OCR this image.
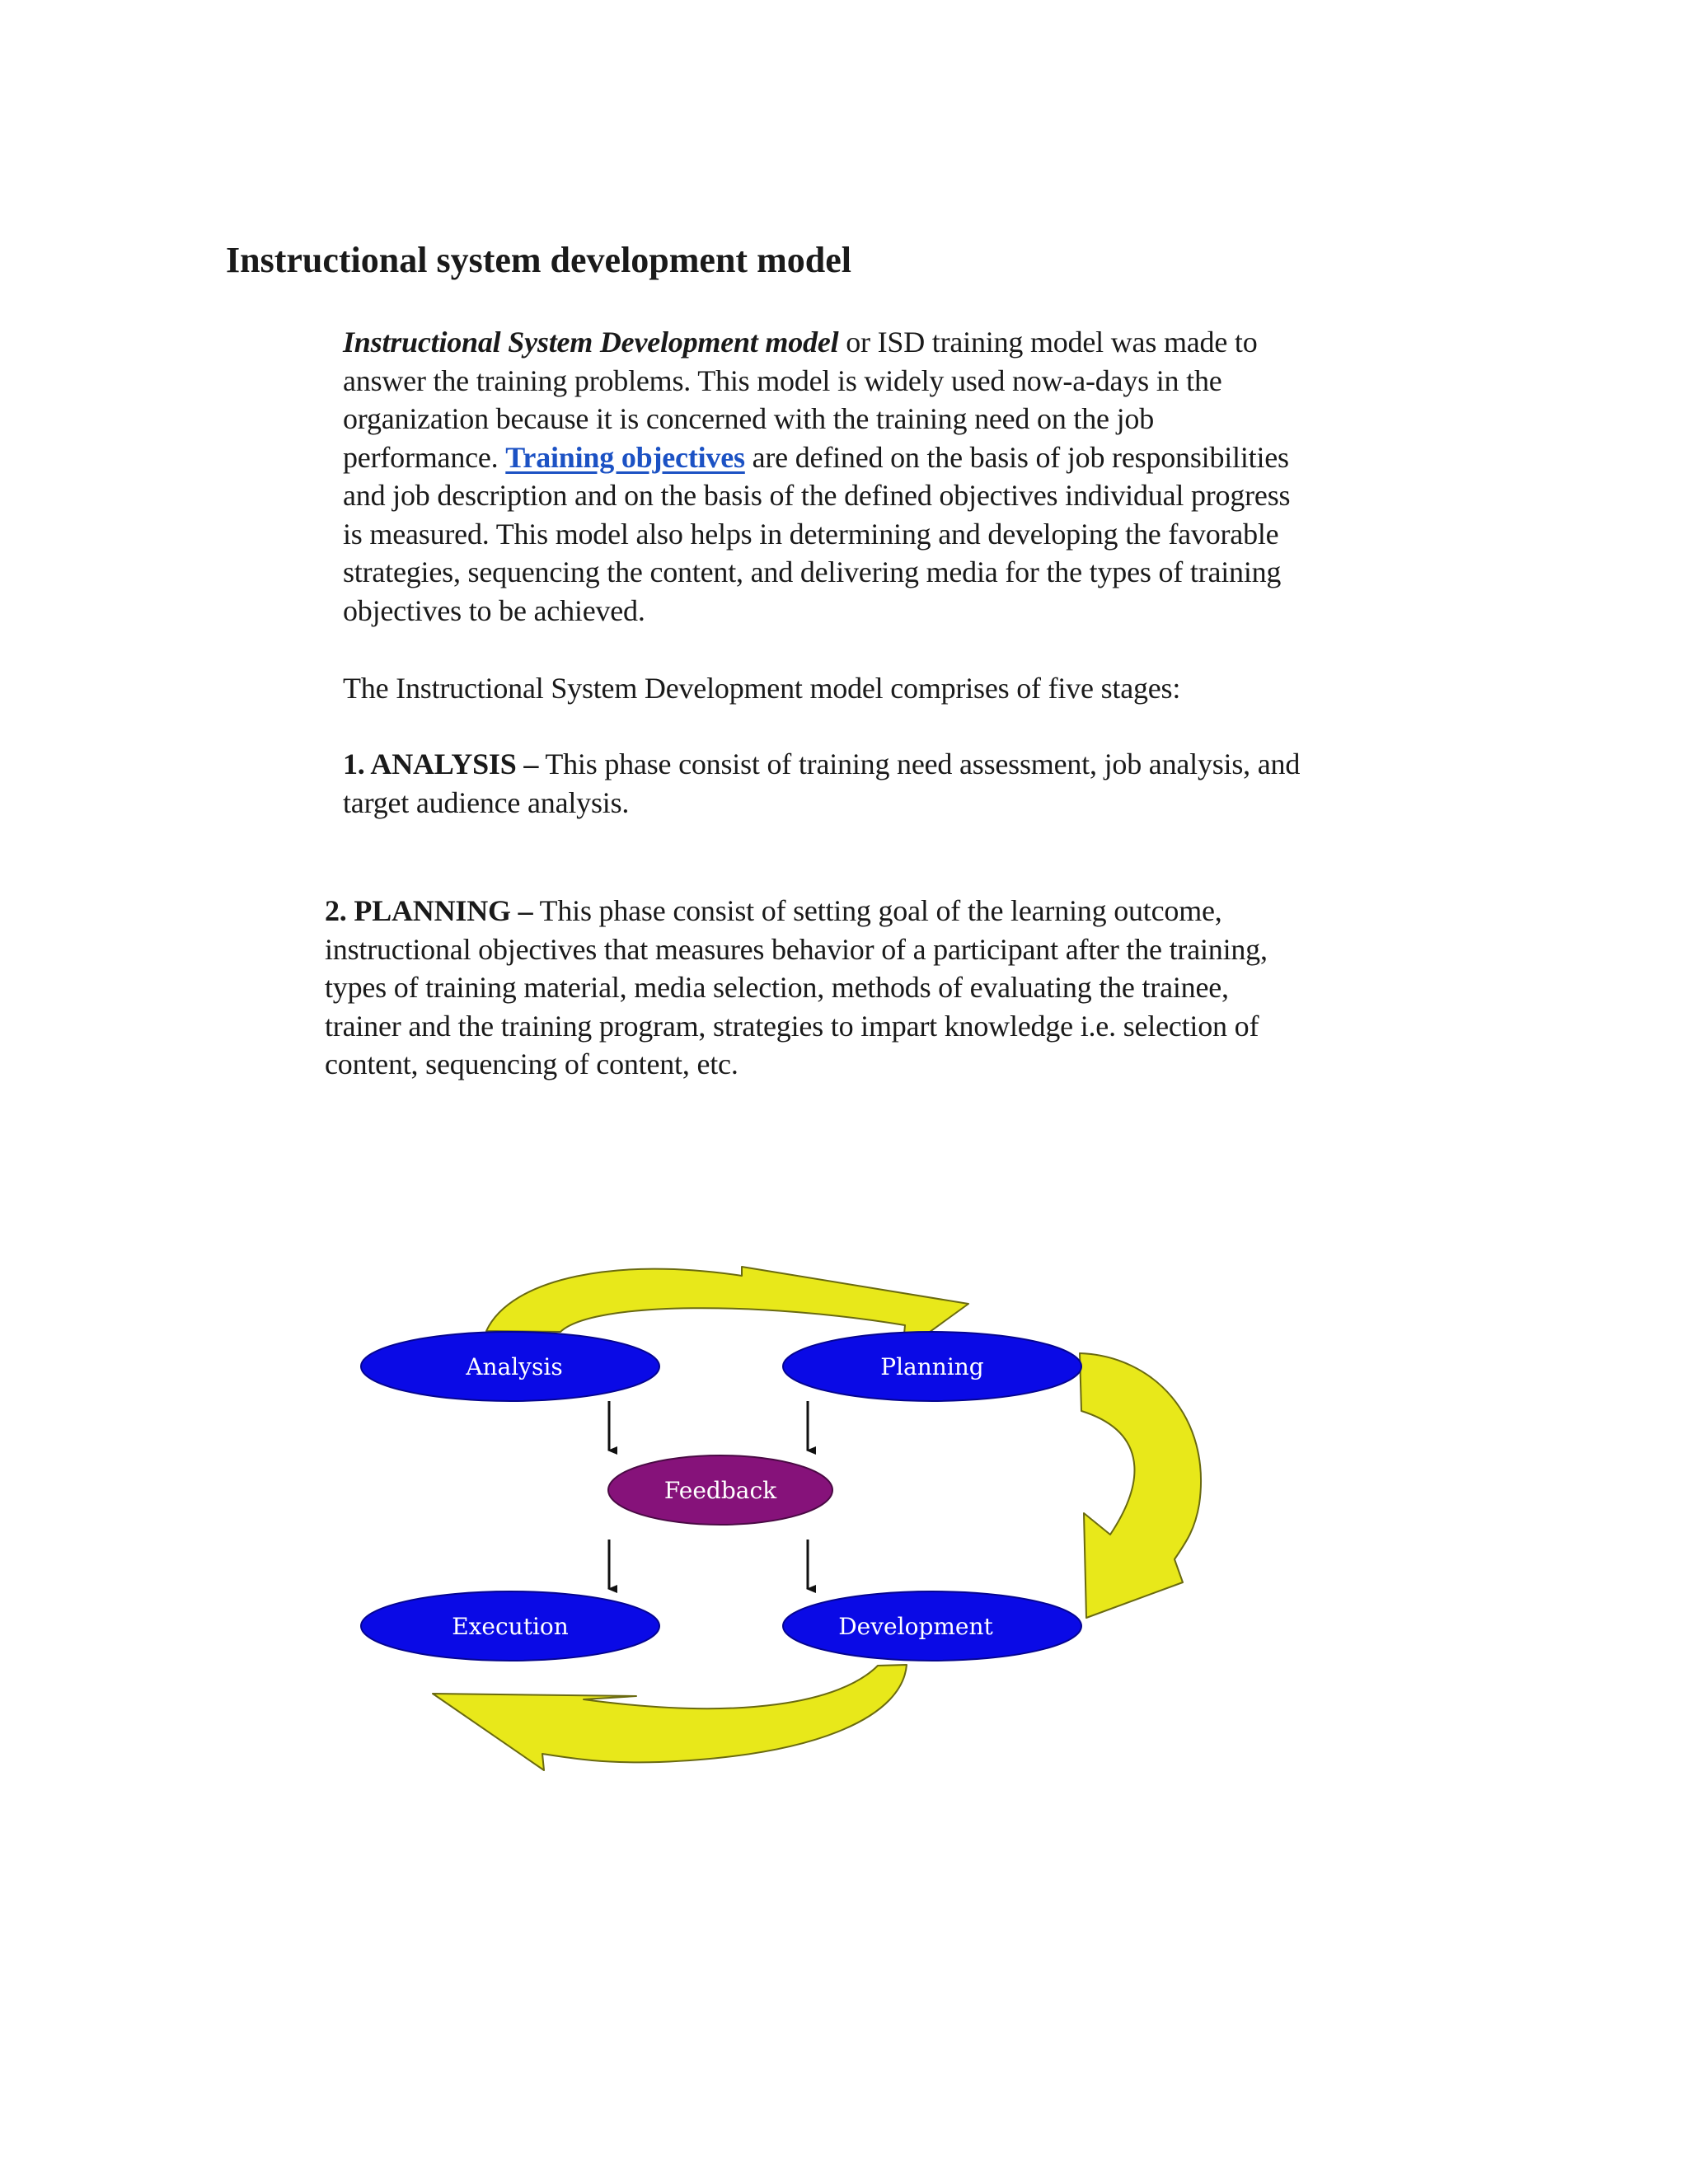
Instructional system development model

Instructional System Development model or ISD training model was made to
answer the training problems. This model is widely used now-a-days in the
organization because it is concerned with the training need on the job
performance. Training objectives are defined on the basis of job responsibilities
and job description and on the basis of the defined objectives individual progress
is measured. This model also helps in determining and developing the favorable
strategies, sequencing the content, and delivering media for the types of training
objectives to be achieved.

The Instructional System Development model comprises of five stages:

1. ANALYSIS – This phase consist of training need assessment, job analysis, and
target audience analysis.

2. PLANNING – This phase consist of setting goal of the learning outcome,
instructional objectives that measures behavior of a participant after the training,
types of training material, media selection, methods of evaluating the trainee,
trainer and the training program, strategies to impart knowledge i.e. selection of
content, sequencing of content, etc.

Analysis	Planning
Feedback
Execution	Development
